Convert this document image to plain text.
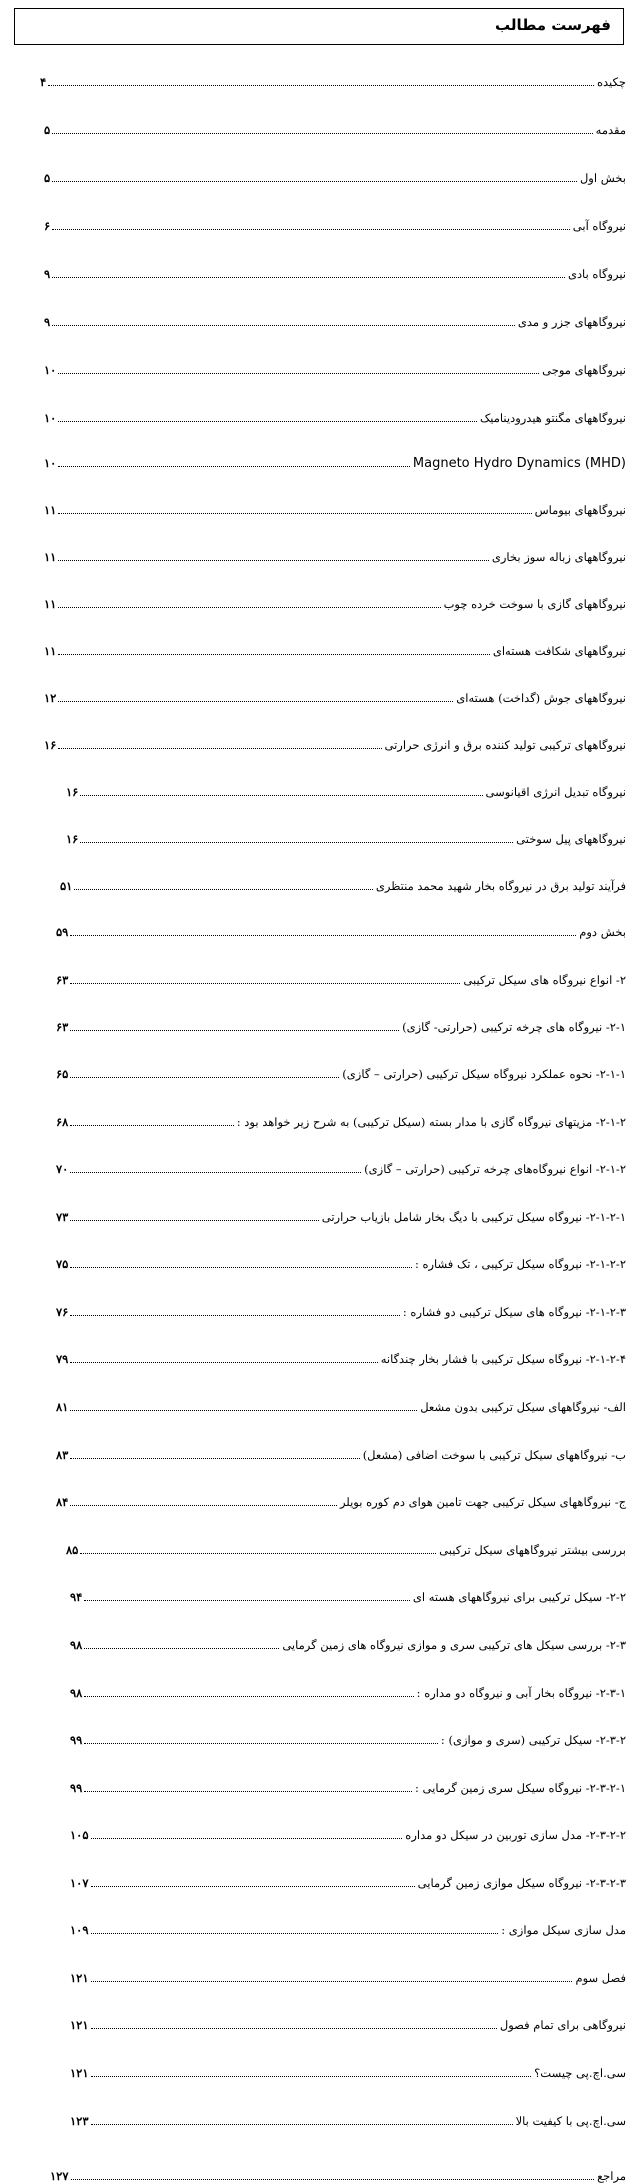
فهرست مطالب
چکیده
۴
مقدمه
۵
بخش اول
۵
نیروگاه آبی
۶
نیروگاه بادی
۹
نیروگاههای جزر و مدی
۹
نیروگاههای موجی
۱۰
نیروگاههای مگنتو هیدرودینامیک
۱۰
Magneto Hydro Dynamics (MHD)
۱۰
نیروگاههای بیوماس
۱۱
نیروگاههای زباله سوز بخاری
۱۱
نیروگاههای گازی با سوخت خرده چوب
۱۱
نیروگاههای شکافت هسته‌ای
۱۱
نیروگاههای جوش (گداخت) هسته‌ای
۱۲
نیروگاههای ترکیبی تولید کننده برق و انرژی حرارتی
۱۶
نیروگاه تبدیل انرژی اقیانوسی
۱۶
نیروگاههای پیل سوختی
۱۶
فرآیند تولید برق در نیروگاه بخار شهید محمد منتظری
۵۱
بخش دوم
۵۹
۲- انواع نیروگاه های سیکل ترکیبی
۶۳
۲-۱- نیروگاه های چرخه ترکیبی (حرارتی- گازی)
۶۳
۲-۱-۱- نحوه عملکرد نیروگاه سیکل ترکیبی (حرارتی – گازی)
۶۵
۲-۱-۲- مزیتهای نیروگاه گازی با مدار بسته (سیکل ترکیبی) به شرح زیر خواهد بود :
۶۸
۲-۱-۲- انواع نیروگاه‌های چرخه ترکیبی (حرارتی – گازی)
۷۰
۲-۱-۲-۱- نیروگاه سیکل ترکیبی با دیگ بخار شامل بازیاب حرارتی
۷۳
۲-۱-۲-۲- نیروگاه سیکل ترکیبی ، تک فشاره :
۷۵
۲-۱-۲-۳- نیروگاه های سیکل ترکیبی دو فشاره :
۷۶
۲-۱-۲-۴- نیروگاه سیکل ترکیبی با فشار بخار چندگانه
۷۹
الف- نیروگاههای سیکل ترکیبی بدون مشعل
۸۱
ب- نیروگاههای سیکل ترکیبی با سوخت اضافی (مشعل)
۸۳
ج- نیروگاههای سیکل ترکیبی جهت تامین هوای دم کوره بویلر
۸۴
بررسی بیشتر نیروگاههای سیکل ترکیبی
۸۵
۲-۲- سیکل ترکیبی برای نیروگاههای هسته ای
۹۴
۲-۳- بررسی سیکل های ترکیبی سری و موازی نیروگاه های زمین گرمایی
۹۸
۲-۳-۱- نیروگاه بخار آبی و نیروگاه دو مداره :
۹۸
۲-۳-۲- سیکل ترکیبی (سری و موازی) :
۹۹
۲-۳-۲-۱- نیروگاه سیکل سری زمین گرمایی :
۹۹
۲-۳-۲-۲- مدل سازی توربین در سیکل دو مداره
۱۰۵
۲-۳-۲-۳- نیروگاه سیکل موازی زمین گرمایی
۱۰۷
مدل سازی سیکل موازی :
۱۰۹
فصل سوم
۱۲۱
نیروگاهی برای تمام فصول
۱۲۱
سی.اچ.پی چیست؟
۱۲۱
سی.اچ.پی با کیفیت بالا
۱۲۳
مراجع
۱۲۷
